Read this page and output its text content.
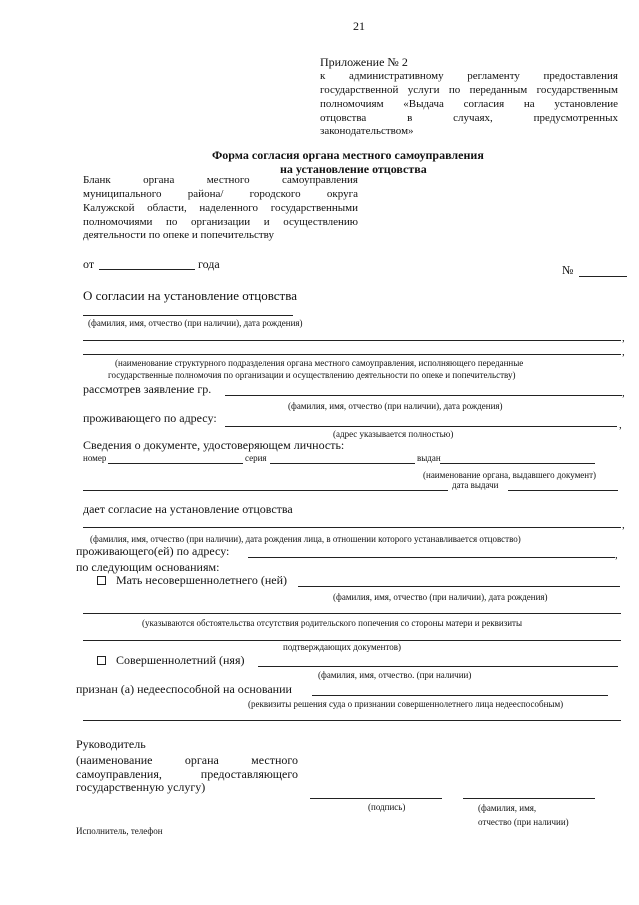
21
Приложение № 2
к административному регламенту предоставления
государственной услуги по переданным государственным
полномочиям «Выдача согласия на установление
отцовства в случаях, предусмотренных
законодательством»
Форма согласия органа местного самоуправления
на установление отцовства
Бланк органа местного самоуправления
муниципального района/ городского округа
Калужской области, наделенного государственными
полномочиями по организации и осуществлению
деятельности по опеке и попечительству
от	года	№
О согласии на установление отцовства
(фамилия, имя, отчество (при наличии), дата рождения)
,
,
(наименование структурного подразделения органа местного самоуправления, исполняющего переданные
государственные полномочия по организации и осуществлению деятельности по опеке и попечительству)
рассмотрев заявление гр.	,
(фамилия, имя, отчество (при наличии), дата рождения)
проживающего по адресу:	,
(адрес указывается полностью)
Сведения о документе, удостоверяющем личность:
номер	серия	выдан
(наименование органа, выдавшего документ)
дата выдачи
дает согласие на установление отцовства
,
(фамилия, имя, отчество (при наличии), дата рождения лица, в отношении которого устанавливается отцовство)
проживающего(ей) по адресу:	,
по следующим основаниям:
Мать несовершеннолетнего (ней)
(фамилия, имя, отчество (при наличии), дата рождения)
(указываются обстоятельства отсутствия родительского попечения со стороны матери и реквизиты
подтверждающих документов)
Совершеннолетний (няя)
(фамилия, имя, отчество. (при наличии)
признан (а) недееспособной на основании
(реквизиты решения суда о признании совершеннолетнего лица недееспособным)
Руководитель
(наименование органа местного
самоуправления, предоставляющего
государственную услугу)
(подпись)	(фамилия, имя,
отчество (при наличии)
Исполнитель, телефон
